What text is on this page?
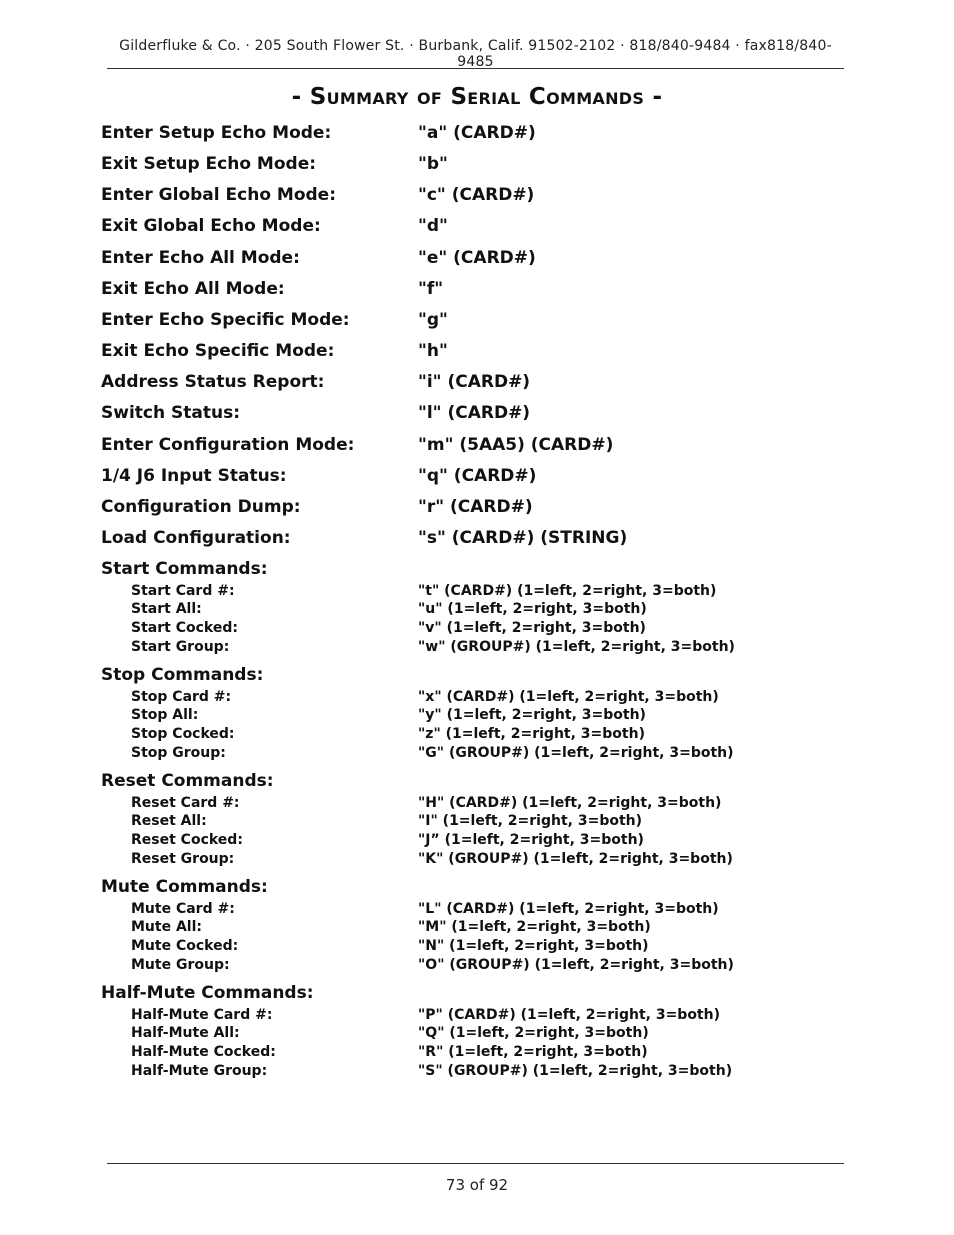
Gilderfluke & Co. · 205 South Flower St. · Burbank, Calif. 91502-2102 · 818/840-9484 · fax818/840-9485
- Summary of Serial Commands -
Enter Setup Echo Mode:	"a" (CARD#)
Exit Setup Echo Mode:	"b"
Enter Global Echo Mode:	"c" (CARD#)
Exit Global Echo Mode:	"d"
Enter Echo All Mode:	"e" (CARD#)
Exit Echo All Mode:	"f"
Enter Echo Specific Mode:	"g"
Exit Echo Specific Mode:	"h"
Address Status Report:	"i" (CARD#)
Switch Status:	"l" (CARD#)
Enter Configuration Mode:	"m" (5AA5) (CARD#)
1/4 J6 Input Status:	"q" (CARD#)
Configuration Dump:	"r" (CARD#)
Load Configuration:	"s" (CARD#) (STRING)
Start Commands:
Start Card #:	"t" (CARD#) (1=left, 2=right, 3=both)
Start All:	"u" (1=left, 2=right, 3=both)
Start Cocked:	"v" (1=left, 2=right, 3=both)
Start Group:	"w" (GROUP#) (1=left, 2=right, 3=both)
Stop Commands:
Stop Card #:	"x" (CARD#) (1=left, 2=right, 3=both)
Stop All:	"y" (1=left, 2=right, 3=both)
Stop Cocked:	"z" (1=left, 2=right, 3=both)
Stop Group:	"G" (GROUP#) (1=left, 2=right, 3=both)
Reset Commands:
Reset Card #:	"H" (CARD#) (1=left, 2=right, 3=both)
Reset All:	"I" (1=left, 2=right, 3=both)
Reset Cocked:	"J” (1=left, 2=right, 3=both)
Reset Group:	"K" (GROUP#) (1=left, 2=right, 3=both)
Mute Commands:
Mute Card #:	"L" (CARD#) (1=left, 2=right, 3=both)
Mute All:	"M" (1=left, 2=right, 3=both)
Mute Cocked:	"N" (1=left, 2=right, 3=both)
Mute Group:	"O" (GROUP#) (1=left, 2=right, 3=both)
Half-Mute Commands:
Half-Mute Card #:	"P" (CARD#) (1=left, 2=right, 3=both)
Half-Mute All:	"Q" (1=left, 2=right, 3=both)
Half-Mute Cocked:	"R" (1=left, 2=right, 3=both)
Half-Mute Group:	"S" (GROUP#) (1=left, 2=right, 3=both)
73 of 92
